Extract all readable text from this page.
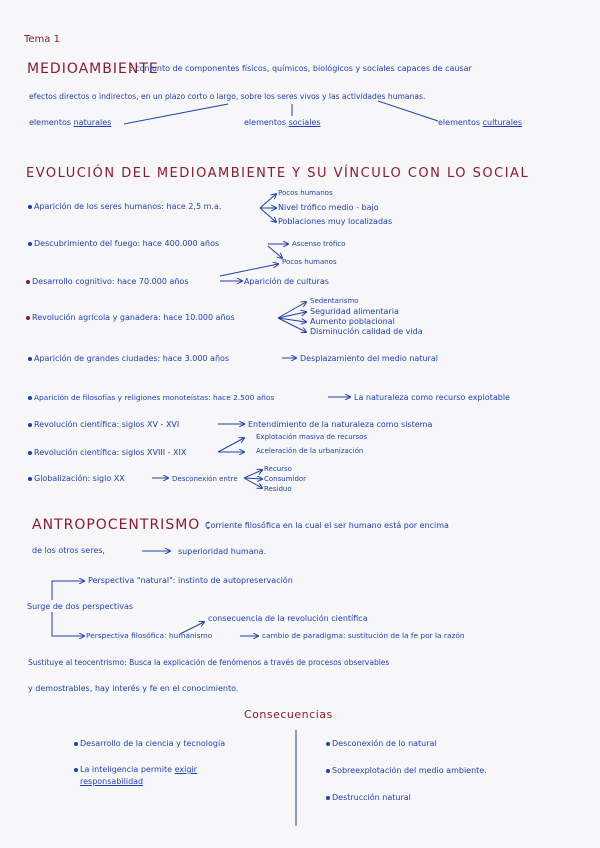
Tema 1
MEDIOAMBIENTE
: conjunto de componentes físicos, químicos, biológicos y sociales capaces de causar
efectos directos o indirectos, en un plazo corto o largo, sobre los seres vivos y las actividades humanas.
elementos naturales	elementos sociales	elementos culturales
EVOLUCIÓN DEL MEDIOAMBIENTE Y SU VÍNCULO CON LO SOCIAL
Aparición de los seres humanos: hace 2,5 m.a.
Pocos humanos
Nivel trófico medio - bajo
Poblaciones muy localizadas
Descubrimiento del fuego: hace 400.000 años	Ascenso trófico
Pocos humanos
Desarrollo cognitivo: hace 70.000 años	Aparición de culturas
Revolución agrícola y ganadera: hace 10.000 años
Sedentarismo
Seguridad alimentaria
Aumento poblacional
Disminución calidad de vida
Aparición de grandes ciudades: hace 3.000 años	Desplazamiento del medio natural
Aparición de filosofías y religiones monoteístas: hace 2.500 años	La naturaleza como recurso explotable
Revolución científica: siglos XV - XVI	Entendimiento de la naturaleza como sistema
Revolución científica: siglos XVIII - XIX
Explotación masiva de recursos
Aceleración de la urbanización
Globalización: siglo XX	Desconexión entre
Recurso
Consumidor
Residuo
ANTROPOCENTRISMO :
Corriente filosófica en la cual el ser humano está por encima
de los otros seres,	superioridad humana.
Perspectiva "natural": instinto de autopreservación
Surge de dos perspectivas
consecuencia de la revolución científica
Perspectiva filosófica: humanismo	cambio de paradigma: sustitución de la fe por la razón
Sustituye al teocentrismo: Busca la explicación de fenómenos a través de procesos observables
y demostrables, hay interés y fe en el conocimiento.
Consecuencias
Desarrollo de la ciencia y tecnología
La inteligencia permite exigir
responsabilidad
Desconexión de lo natural
Sobreexplotación del medio ambiente.
Destrucción natural
